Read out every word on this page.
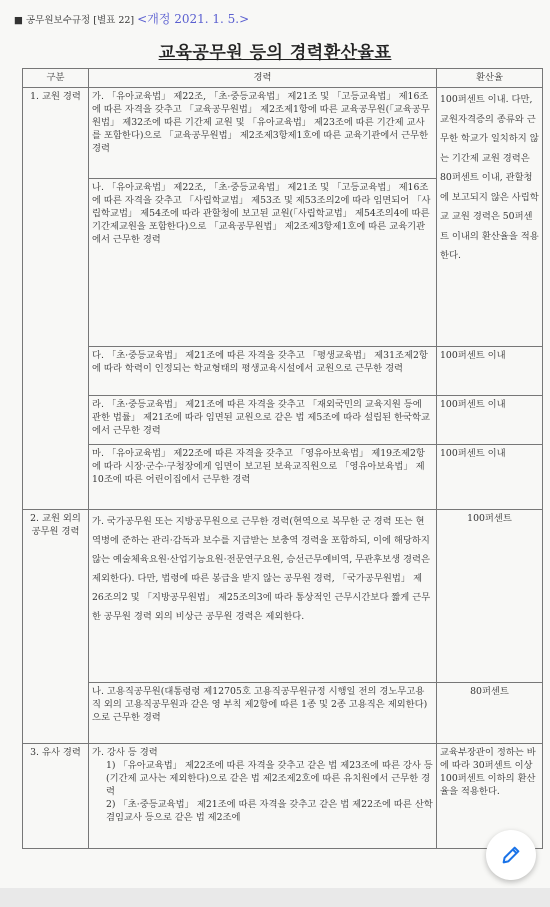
■ 공무원보수규정 [별표 22] <개정 2021. 1. 5.>
교육공무원 등의 경력환산율표
구분	경력	환산율
1. 교원 경력	가. 「유아교육법」 제22조, 「초·중등교육법」 제21조 및 「고등교육법」 제16조에 따른 자격을 갖추고 「교육공무원법」 제2조제1항에 따른 교육공무원(「교육공무원법」 제32조에 따른 기간제 교원 및 「유아교육법」 제23조에 따른 기간제 교사를 포함한다)으로 「교육공무원법」 제2조제3항제1호에 따른 교육기관에서 근무한 경력	100퍼센트 이내. 다만, 교원자격증의 종류와 근무한 학교가 일치하지 않는 기간제 교원 경력은 80퍼센트 이내, 관할청에 보고되지 않은 사립학교 교원 경력은 50퍼센트 이내의 환산율을 적용한다.
	나. 「유아교육법」 제22조, 「초·중등교육법」 제21조 및 「고등교육법」 제16조에 따른 자격을 갖추고 「사립학교법」 제53조 및 제53조의2에 따라 임면되어 「사립학교법」 제54조에 따라 관할청에 보고된 교원(「사립학교법」 제54조의4에 따른 기간제교원을 포함한다)으로 「교육공무원법」 제2조제3항제1호에 따른 교육기관에서 근무한 경력	
	다. 「초·중등교육법」 제21조에 따른 자격을 갖추고 「평생교육법」 제31조제2항에 따라 학력이 인정되는 학교형태의 평생교육시설에서 교원으로 근무한 경력	100퍼센트 이내
	라. 「초·중등교육법」 제21조에 따른 자격을 갖추고 「재외국민의 교육지원 등에 관한 법률」 제21조에 따라 임면된 교원으로 같은 법 제5조에 따라 설립된 한국학교에서 근무한 경력	100퍼센트 이내
	마. 「유아교육법」 제22조에 따른 자격을 갖추고 「영유아보육법」 제19조제2항에 따라 시장·군수·구청장에게 임면이 보고된 보육교직원으로 「영유아보육법」 제10조에 따른 어린이집에서 근무한 경력	100퍼센트 이내
2. 교원 외의 공무원 경력	가. 국가공무원 또는 지방공무원으로 근무한 경력(현역으로 복무한 군 경력 또는 현역병에 준하는 관리·감독과 보수를 지급받는 보충역 경력을 포함하되, 이에 해당하지 않는 예술체육요원·산업기능요원·전문연구요원, 승선근무예비역, 무관후보생 경력은 제외한다). 다만, 법령에 따른 봉급을 받지 않는 공무원 경력, 「국가공무원법」 제26조의2 및 「지방공무원법」 제25조의3에 따라 통상적인 근무시간보다 짧게 근무한 공무원 경력 외의 비상근 공무원 경력은 제외한다.	100퍼센트
	나. 고용직공무원(대통령령 제12705호 고용직공무원규정 시행일 전의 경노무고용직 외의 고용직공무원과 같은 영 부칙 제2항에 따른 1종 및 2종 고용직은 제외한다)으로 근무한 경력	80퍼센트
3. 유사 경력	가. 강사 등 경력
1) 「유아교육법」 제22조에 따른 자격을 갖추고 같은 법 제23조에 따른 강사 등(기간제 교사는 제외한다)으로 같은 법 제2조제2호에 따른 유치원에서 근무한 경력
2) 「초·중등교육법」 제21조에 따른 자격을 갖추고 같은 법 제22조에 따른 산학겸임교사 등으로 같은 법 제2조에	교육부장관이 정하는 바에 따라 30퍼센트 이상 100퍼센트 이하의 환산율을 적용한다.
